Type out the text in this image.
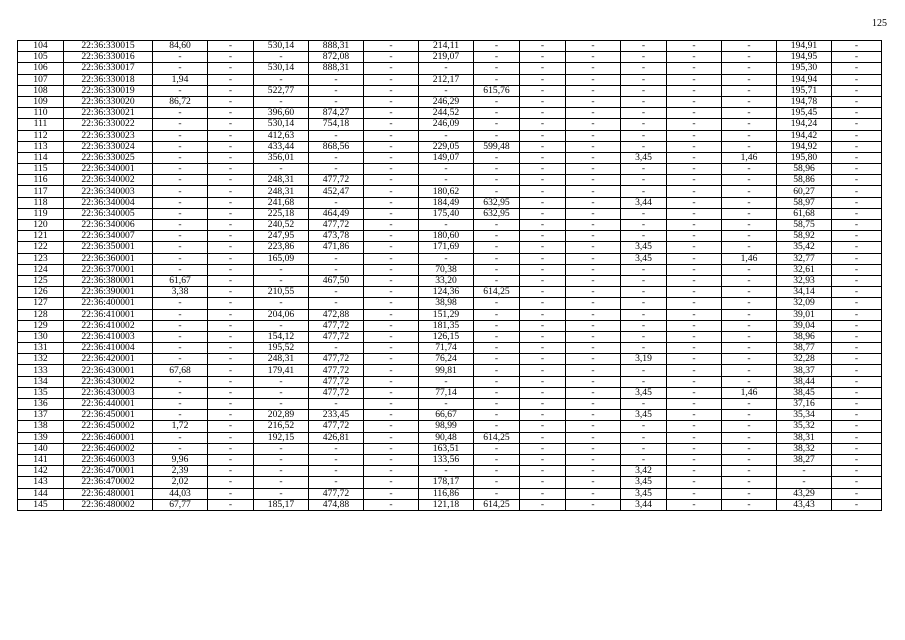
125
104	22:36:330015	84,60	-	530,14	888,31	-	214,11	-	-	-	-	-	-	194,91	-
105	22:36:330016	-	-	-	872,08	-	219,07	-	-	-	-	-	-	194,95	-
106	22:36:330017	-	-	530,14	888,31	-	-	-	-	-	-	-	-	195,30	-
107	22:36:330018	1,94	-	-	-	-	212,17	-	-	-	-	-	-	194,94	-
108	22:36:330019	-	-	522,77	-	-	-	615,76	-	-	-	-	-	195,71	-
109	22:36:330020	86,72	-	-	-	-	246,29	-	-	-	-	-	-	194,78	-
110	22:36:330021	-	-	396,60	874,27	-	244,52	-	-	-	-	-	-	195,45	-
111	22:36:330022	-	-	530,14	754,18	-	246,09	-	-	-	-	-	-	194,24	-
112	22:36:330023	-	-	412,63	-	-	-	-	-	-	-	-	-	194,42	-
113	22:36:330024	-	-	433,44	868,56	-	229,05	599,48	-	-	-	-	-	194,92	-
114	22:36:330025	-	-	356,01	-	-	149,07	-	-	-	3,45	-	1,46	195,80	-
115	22:36:340001	-	-	-	-	-	-	-	-	-	-	-	-	58,96	-
116	22:36:340002	-	-	248,31	477,72	-	-	-	-	-	-	-	-	58,86	-
117	22:36:340003	-	-	248,31	452,47	-	180,62	-	-	-	-	-	-	60,27	-
118	22:36:340004	-	-	241,68	-	-	184,49	632,95	-	-	3,44	-	-	58,97	-
119	22:36:340005	-	-	225,18	464,49	-	175,40	632,95	-	-	-	-	-	61,68	-
120	22:36:340006	-	-	240,52	477,72	-	-	-	-	-	-	-	-	58,75	-
121	22:36:340007	-	-	247,95	473,78	-	180,60	-	-	-	-	-	-	58,92	-
122	22:36:350001	-	-	223,86	471,86	-	171,69	-	-	-	3,45	-	-	35,42	-
123	22:36:360001	-	-	165,09	-	-	-	-	-	-	3,45	-	1,46	32,77	-
124	22:36:370001	-	-	-	-	-	70,38	-	-	-	-	-	-	32,61	-
125	22:36:380001	61,67	-	-	467,50	-	33,20	-	-	-	-	-	-	32,93	-
126	22:36:390001	3,38	-	210,55	-	-	124,36	614,25	-	-	-	-	-	34,14	-
127	22:36:400001	-	-	-	-	-	38,98	-	-	-	-	-	-	32,09	-
128	22:36:410001	-	-	204,06	472,88	-	151,29	-	-	-	-	-	-	39,01	-
129	22:36:410002	-	-	-	477,72	-	181,35	-	-	-	-	-	-	39,04	-
130	22:36:410003	-	-	154,12	477,72	-	126,15	-	-	-	-	-	-	38,96	-
131	22:36:410004	-	-	195,52	-	-	71,74	-	-	-	-	-	-	38,77	-
132	22:36:420001	-	-	248,31	477,72	-	76,24	-	-	-	3,19	-	-	32,28	-
133	22:36:430001	67,68	-	179,41	477,72	-	99,81	-	-	-	-	-	-	38,37	-
134	22:36:430002	-	-	-	477,72	-	-	-	-	-	-	-	-	38,44	-
135	22:36:430003	-	-	-	477,72	-	77,14	-	-	-	3,45	-	1,46	38,45	-
136	22:36:440001	-	-	-	-	-	-	-	-	-	-	-	-	37,16	-
137	22:36:450001	-	-	202,89	233,45	-	66,67	-	-	-	3,45	-	-	35,34	-
138	22:36:450002	1,72	-	216,52	477,72	-	98,99	-	-	-	-	-	-	35,32	-
139	22:36:460001	-	-	192,15	426,81	-	90,48	614,25	-	-	-	-	-	38,31	-
140	22:36:460002	-	-	-	-	-	163,51	-	-	-	-	-	-	38,32	-
141	22:36:460003	9,96	-	-	-	-	133,56	-	-	-	-	-	-	38,27	-
142	22:36:470001	2,39	-	-	-	-	-	-	-	-	3,42	-	-	-	-
143	22:36:470002	2,02	-	-	-	-	178,17	-	-	-	3,45	-	-	-	-
144	22:36:480001	44,03	-	-	477,72	-	116,86	-	-	-	3,45	-	-	43,29	-
145	22:36:480002	67,77	-	185,17	474,88	-	121,18	614,25	-	-	3,44	-	-	43,43	-
